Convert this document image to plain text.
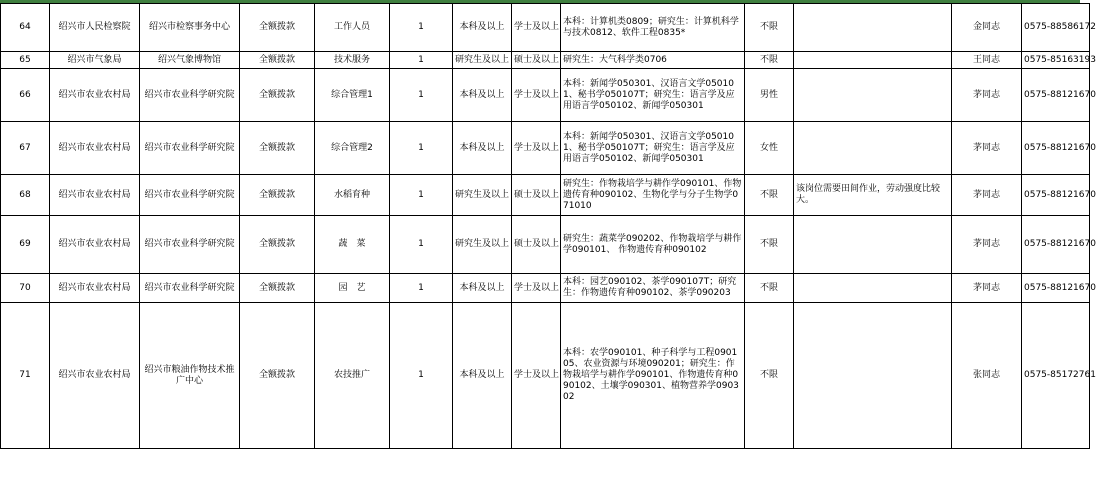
64	绍兴市人民检察院	绍兴市检察事务中心	全额拨款	工作人员	1	本科及以上	学士及以上	本科：计算机类0809；研究生：计算机科学与技术0812、软件工程0835*	不限		金同志	0575-88586172
65	绍兴市气象局	绍兴气象博物馆	全额拨款	技术服务	1	研究生及以上	硕士及以上	研究生：大气科学类0706	不限		王同志	0575-85163193
66	绍兴市农业农村局	绍兴市农业科学研究院	全额拨款	综合管理1	1	本科及以上	学士及以上	本科：新闻学050301、汉语言文学050101、秘书学050107T；研究生：语言学及应用语言学050102、新闻学050301	男性		茅同志	0575-88121670
67	绍兴市农业农村局	绍兴市农业科学研究院	全额拨款	综合管理2	1	本科及以上	学士及以上	本科：新闻学050301、汉语言文学050101、秘书学050107T；研究生：语言学及应用语言学050102、新闻学050301	女性		茅同志	0575-88121670
68	绍兴市农业农村局	绍兴市农业科学研究院	全额拨款	水稻育种	1	研究生及以上	硕士及以上	研究生：作物栽培学与耕作学090101、作物遗传育种090102、生物化学与分子生物学071010	不限	该岗位需要田间作业，劳动强度比较大。	茅同志	0575-88121670
69	绍兴市农业农村局	绍兴市农业科学研究院	全额拨款	蔬　菜	1	研究生及以上	硕士及以上	研究生：蔬菜学090202、作物栽培学与耕作学090101、 作物遗传育种090102	不限		茅同志	0575-88121670
70	绍兴市农业农村局	绍兴市农业科学研究院	全额拨款	园　艺	1	本科及以上	学士及以上	本科：园艺090102、茶学090107T；研究生：作物遗传育种090102、茶学090203	不限		茅同志	0575-88121670
71	绍兴市农业农村局	绍兴市粮油作物技术推广中心	全额拨款	农技推广	1	本科及以上	学士及以上	本科：农学090101、种子科学与工程090105、农业资源与环境090201；研究生：作物栽培学与耕作学090101、作物遗传育种090102、土壤学090301、植物营养学090302	不限		张同志	0575-85172761
